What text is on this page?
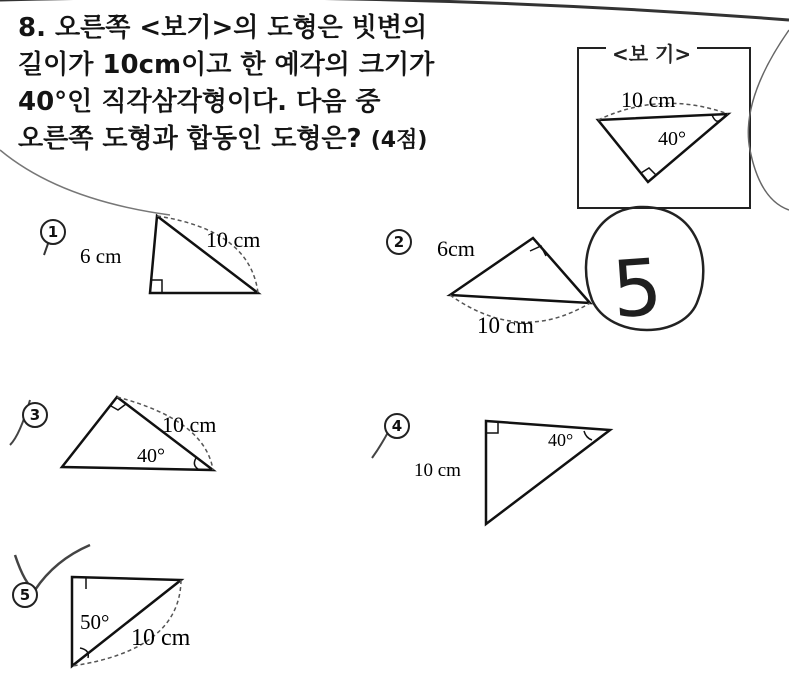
8. 오른쪽 <보기>의 도형은 빗변의
길이가 10cm이고 한 예각의 크기가
40°인 직각삼각형이다. 다음 중
오른쪽 도형과 합동인 도형은? (4점)
<보 기>
10 cm
40°
6 cm
10 cm	6cm
10 cm
10 cm
40°
10 cm
40°
50°
10 cm
1
2
3
4
5
5
